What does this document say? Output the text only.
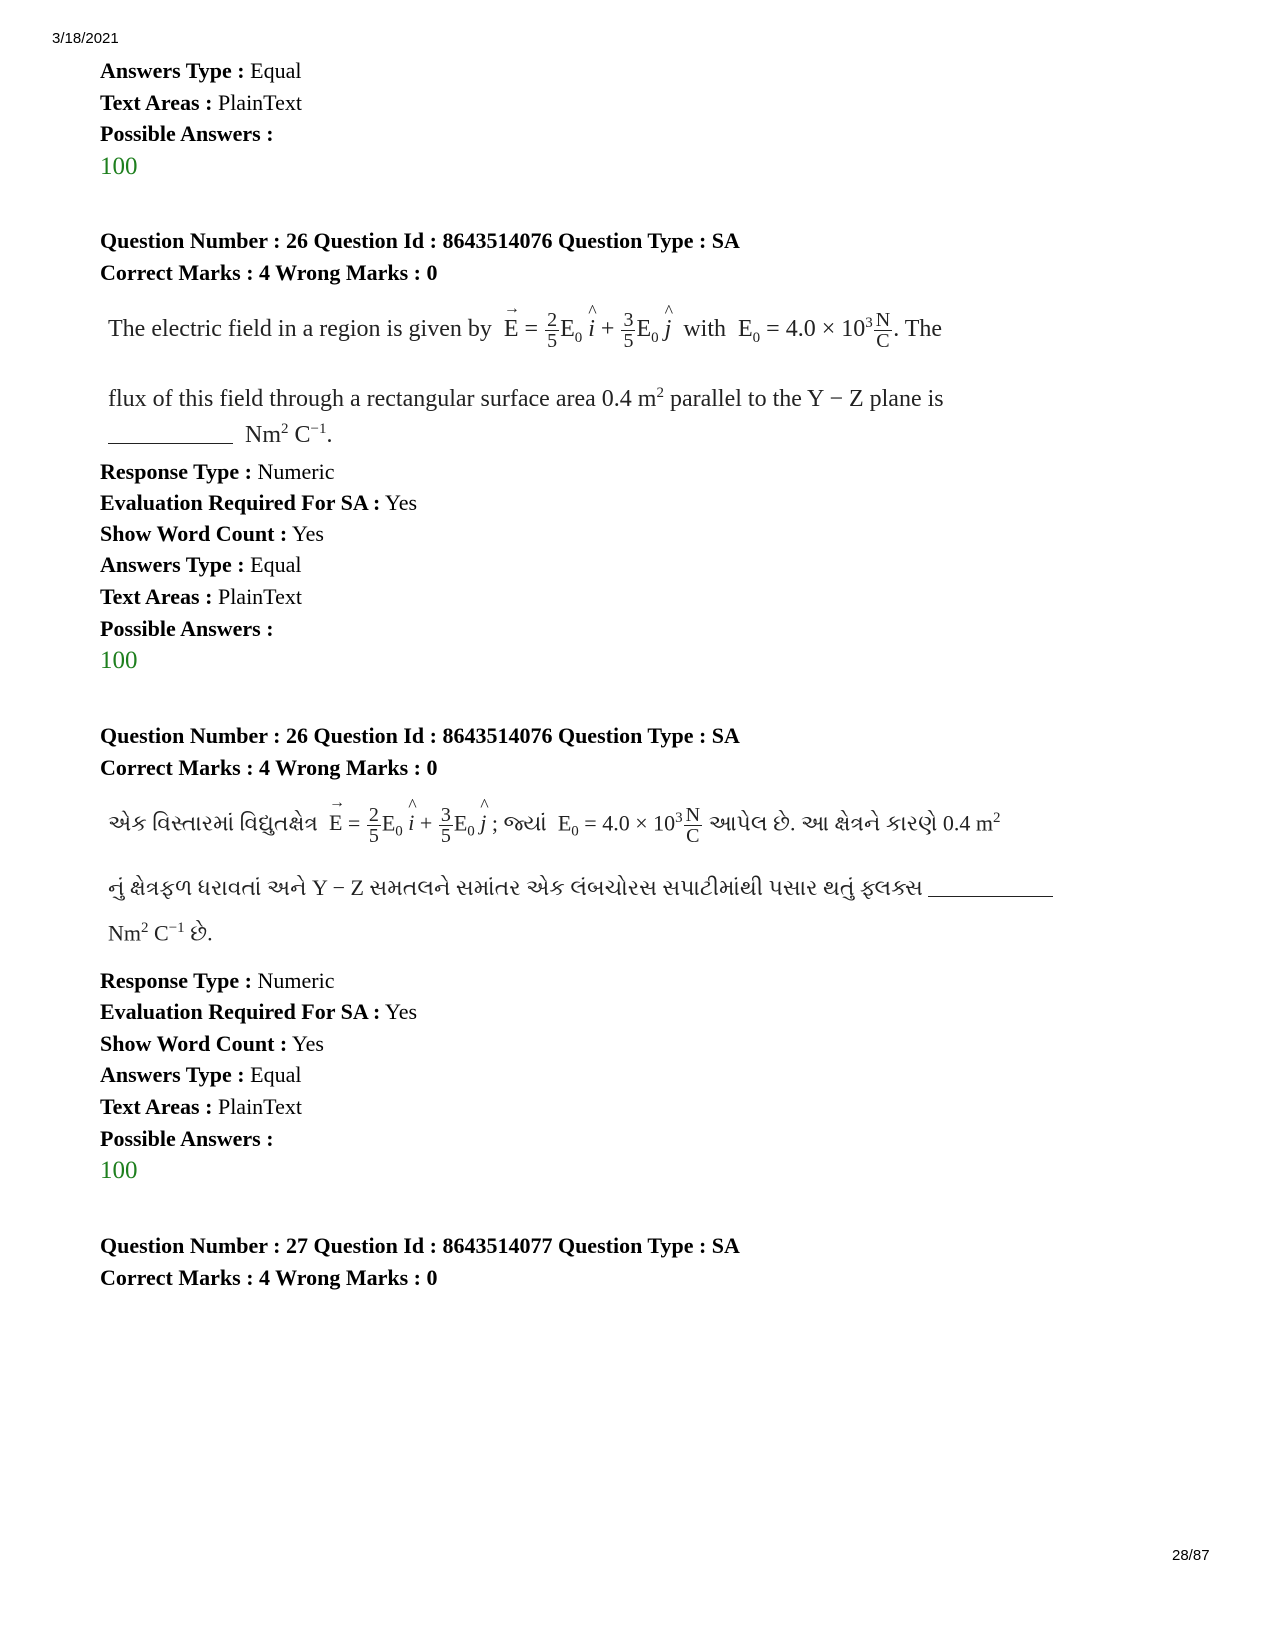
3/18/2021
Answers Type : Equal
Text Areas : PlainText
Possible Answers :
100
Question Number : 26 Question Id : 8643514076 Question Type : SA
Correct Marks : 4 Wrong Marks : 0
The electric field in a region is given by → $E = \frac{2}{5} E_0$ ^ $i + \frac{3}{5} E_0$ ^ j with $E_0 = 4.0 \times 10^3 \frac{N}{C}$ . The
flux of this field through a rectangular surface area 0.4 $m^2$ parallel to the Y − Z plane is
Nm$^2$ $C^{-1}$.
Response Type : Numeric
Evaluation Required For SA : Yes
Show Word Count : Yes
Answers Type : Equal
Text Areas : PlainText
Possible Answers :
100
Question Number : 26 Question Id : 8643514076 Question Type : SA
Correct Marks : 4 Wrong Marks : 0
એક વિસ્તારમાં વિદ્યુતક્ષેત્ર → $E = \frac{2}{5} E_0$ ^ $i + \frac{3}{5} E_0$ ^ j ; જ્યાં $E_0 = 4.0 \times 10^3 \frac{N}{C}$ આપેલ છે. આ ક્ષેત્રને કારણે 0.4 $m^2$
નું ક્ષેત્રફળ ધરાવતાં અને Y − Z સમતલને સમાંતર એક લંબચોરસ સપાટીમાંથી પસાર થતું ફ્લક્સ
Nm$^2$ $C^{-1}$ છે.
Response Type : Numeric
Evaluation Required For SA : Yes
Show Word Count : Yes
Answers Type : Equal
Text Areas : PlainText
Possible Answers :
100
Question Number : 27 Question Id : 8643514077 Question Type : SA
Correct Marks : 4 Wrong Marks : 0
28/87
